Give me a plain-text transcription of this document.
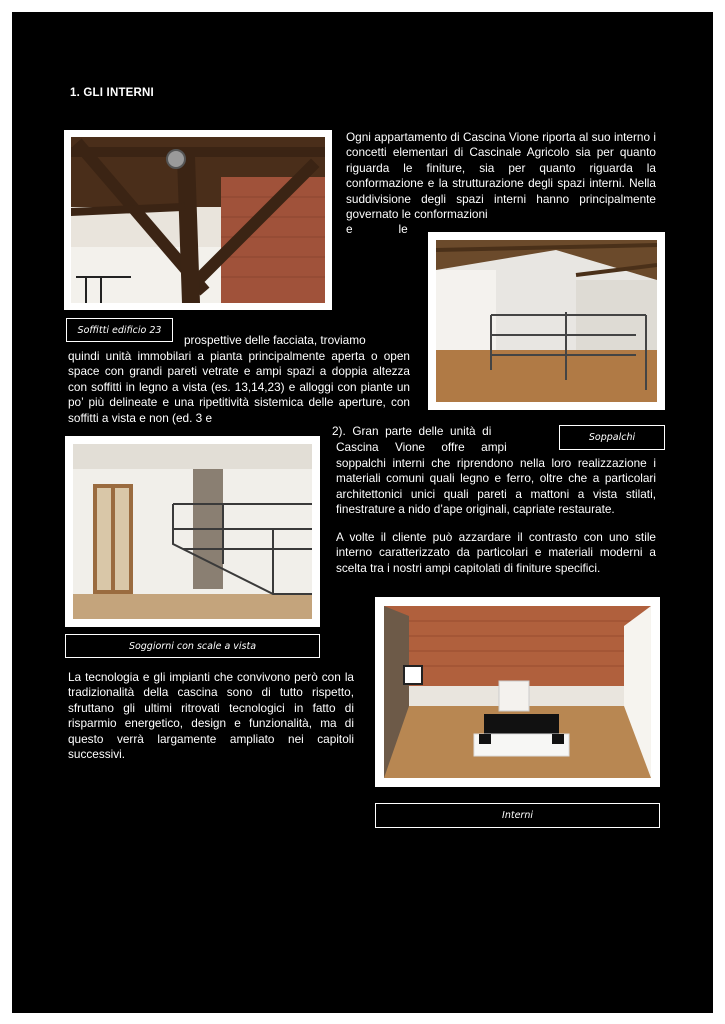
1. GLI INTERNI
Soffitti edificio 23
Ogni appartamento di Cascina Vione riporta al suo interno i concetti elementari di Cascinale Agricolo sia per quanto riguarda le finiture, sia per quanto riguarda la conformazione e la strutturazione degli spazi interni. Nella suddivisione degli spazi interni hanno principalmente governato le conformazioni
e              le
prospettive delle facciata, troviamo
quindi unità immobilari a pianta principalmente aperta o open space con grandi pareti vetrate e ampi spazi a doppia altezza con soffitti in legno a vista (es. 13,14,23) e alloggi con piante un po’ più delineate e una ripetitività sistemica delle aperture, con soffitti a vista e non (ed. 3 e
2).  Gran  parte  delle  unità  di
Cascina     Vione     offre     ampi
Soppalchi
soppalchi interni che riprendono nella loro realizzazione i materiali comuni quali legno e ferro, oltre che a particolari architettonici unici quali pareti a mattoni a vista stilati, finestrature a nido d’ape originali, capriate restaurate.
A volte il cliente può azzardare il contrasto con uno stile interno caratterizzato da particolari e materiali moderni a scelta tra i nostri ampi capitolati di finiture specifici.
Soggiorni con scale a vista
Interni
La tecnologia e gli impianti che convivono però con la tradizionalità della cascina sono di tutto rispetto, sfruttano gli ultimi ritrovati tecnologici in fatto di risparmio energetico, design e funzionalità, ma di questo verrà largamente ampliato nei capitoli successivi.
